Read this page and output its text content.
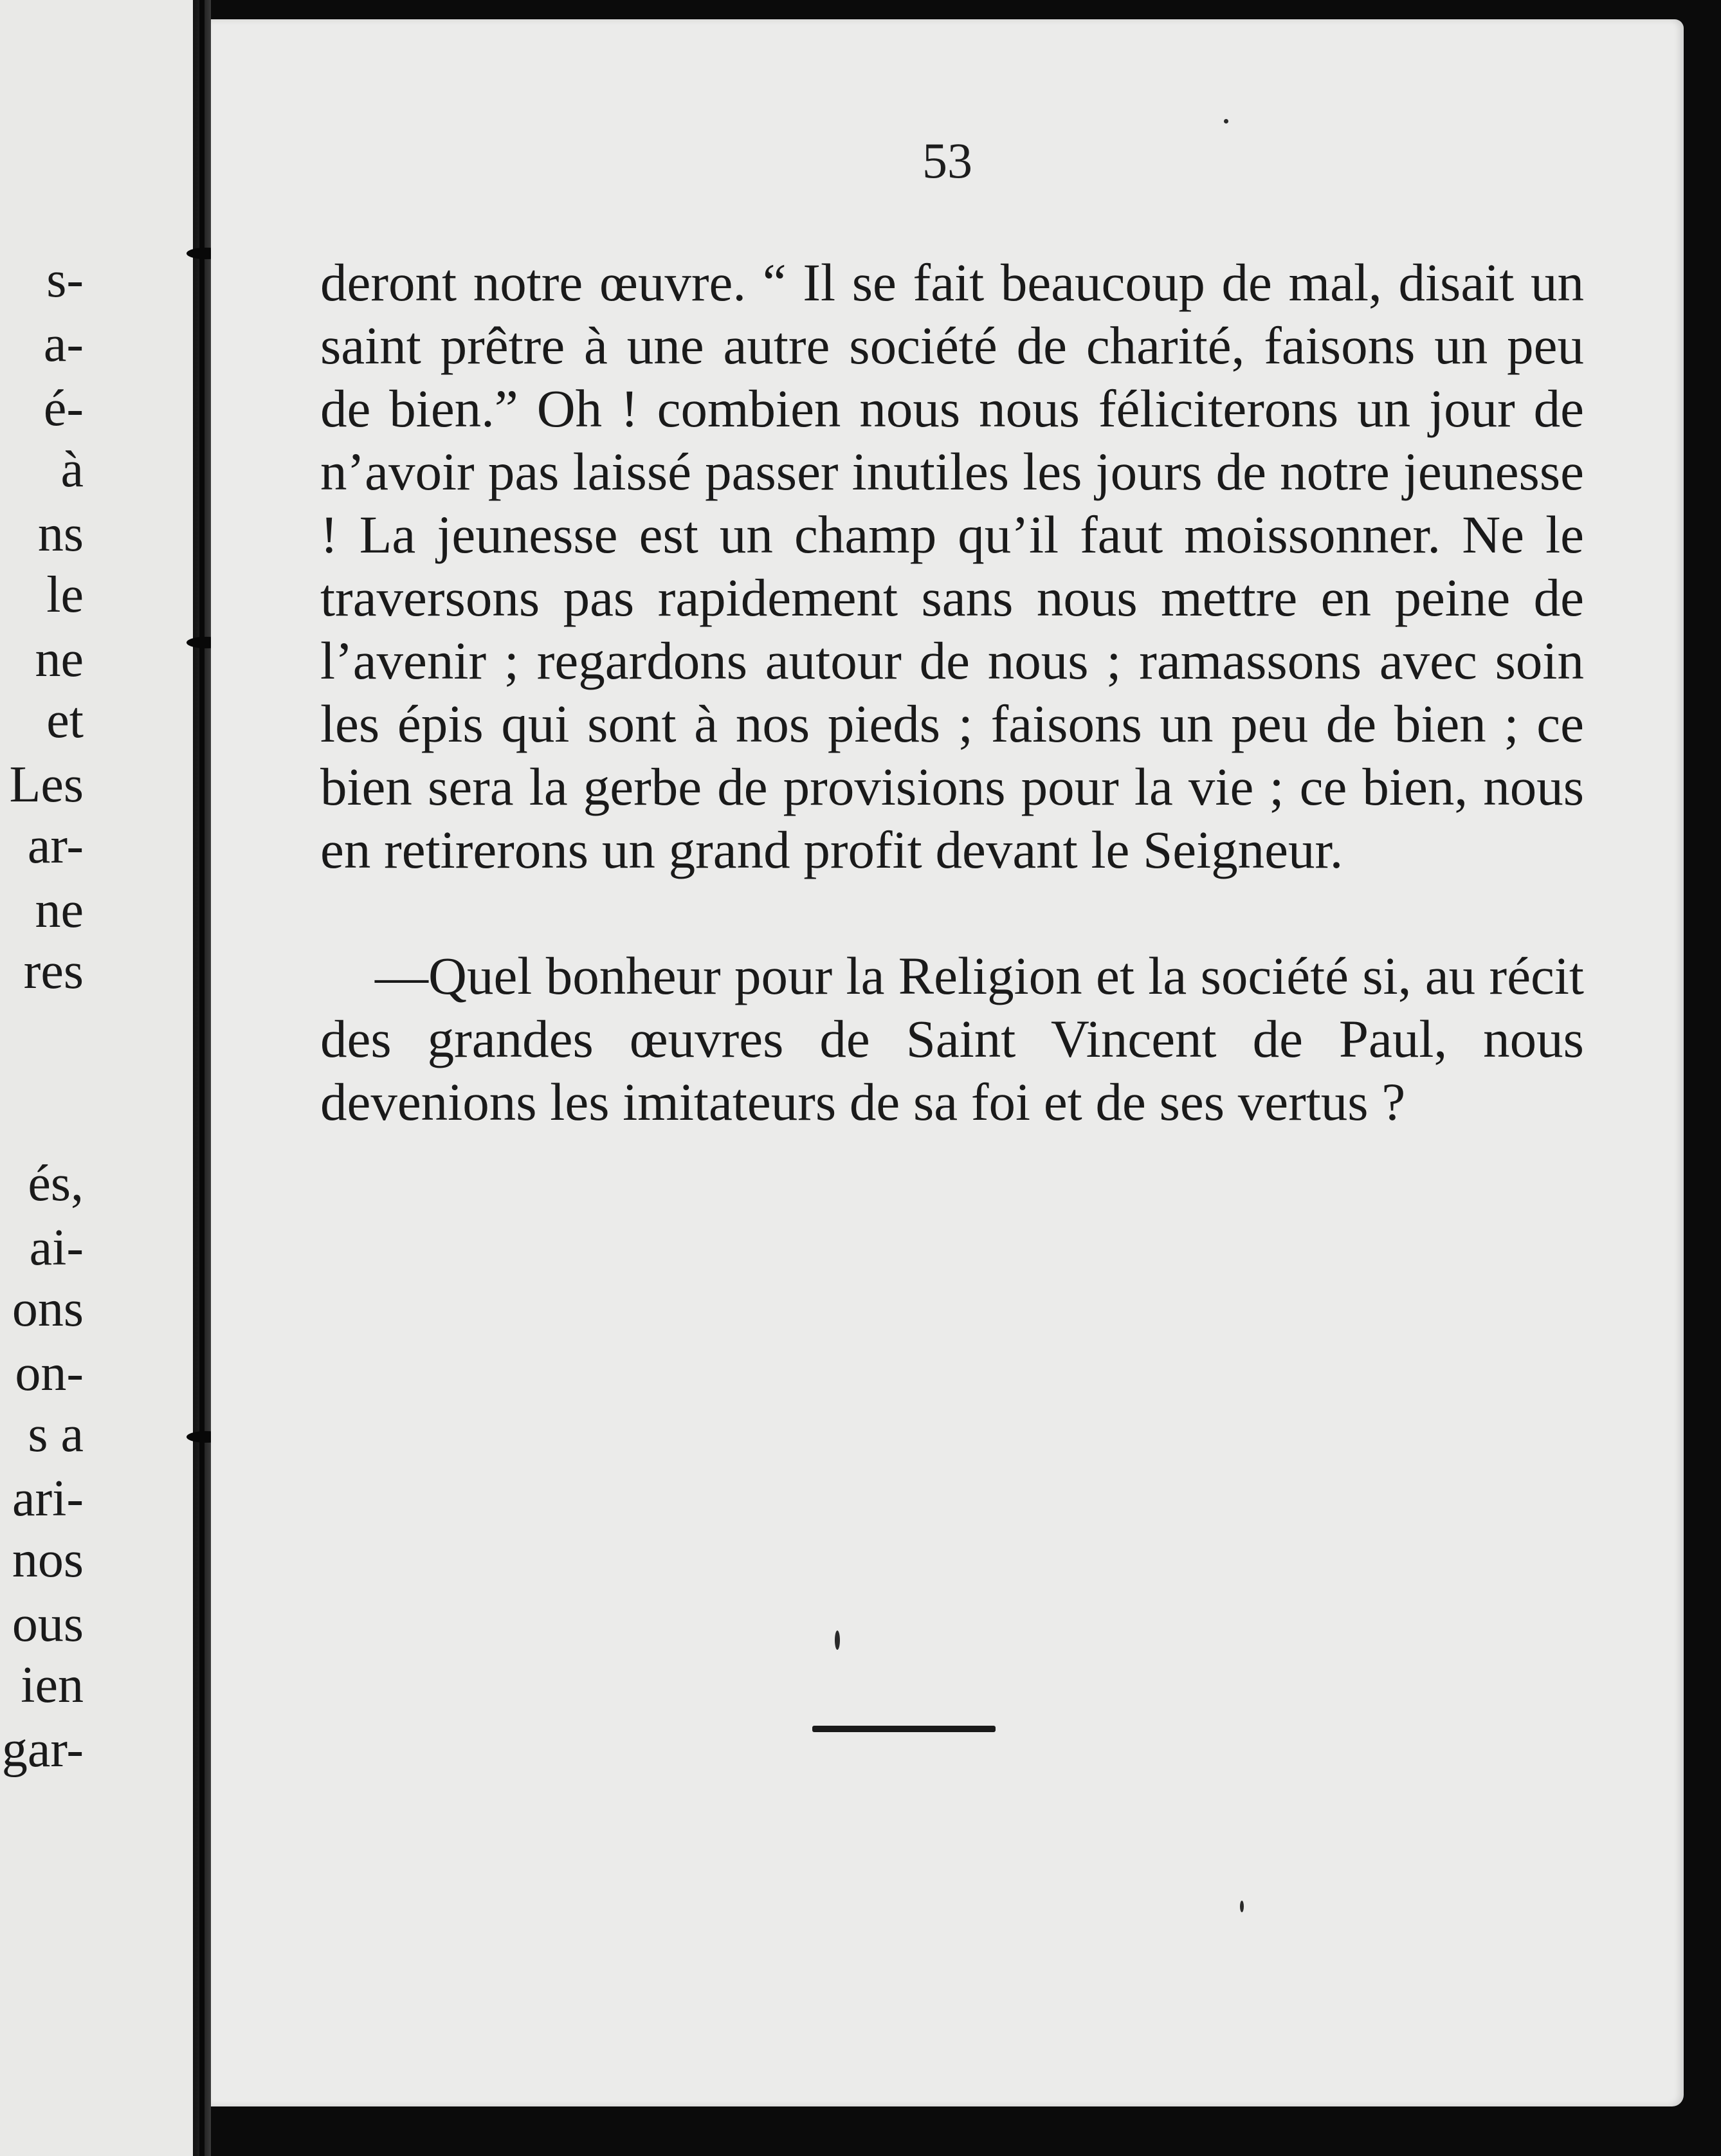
s-
a-
é-
à
ns
le
ne
et
Les
ar-
ne
res
és,
ai-
ons
on-
s a
ari-
nos
ous
ien
gar-
53

deront notre œuvre. “ Il se fait beaucoup de mal, disait un saint prêtre à une autre société de charité, faisons un peu de bien.” Oh ! combien nous nous féliciterons un jour de n’avoir pas laissé passer inutiles les jours de notre jeunesse ! La jeunesse est un champ qu’il faut moissonner. Ne le traversons pas rapidement sans nous mettre en peine de l’avenir ; regardons autour de nous ; ramassons avec soin les épis qui sont à nos pieds ; faisons un peu de bien ; ce bien sera la gerbe de provisions pour la vie ; ce bien, nous en retirerons un grand profit devant le Seigneur.

—Quel bonheur pour la Religion et la société si, au récit des grandes œuvres de Saint Vincent de Paul, nous devenions les imitateurs de sa foi et de ses vertus ?
